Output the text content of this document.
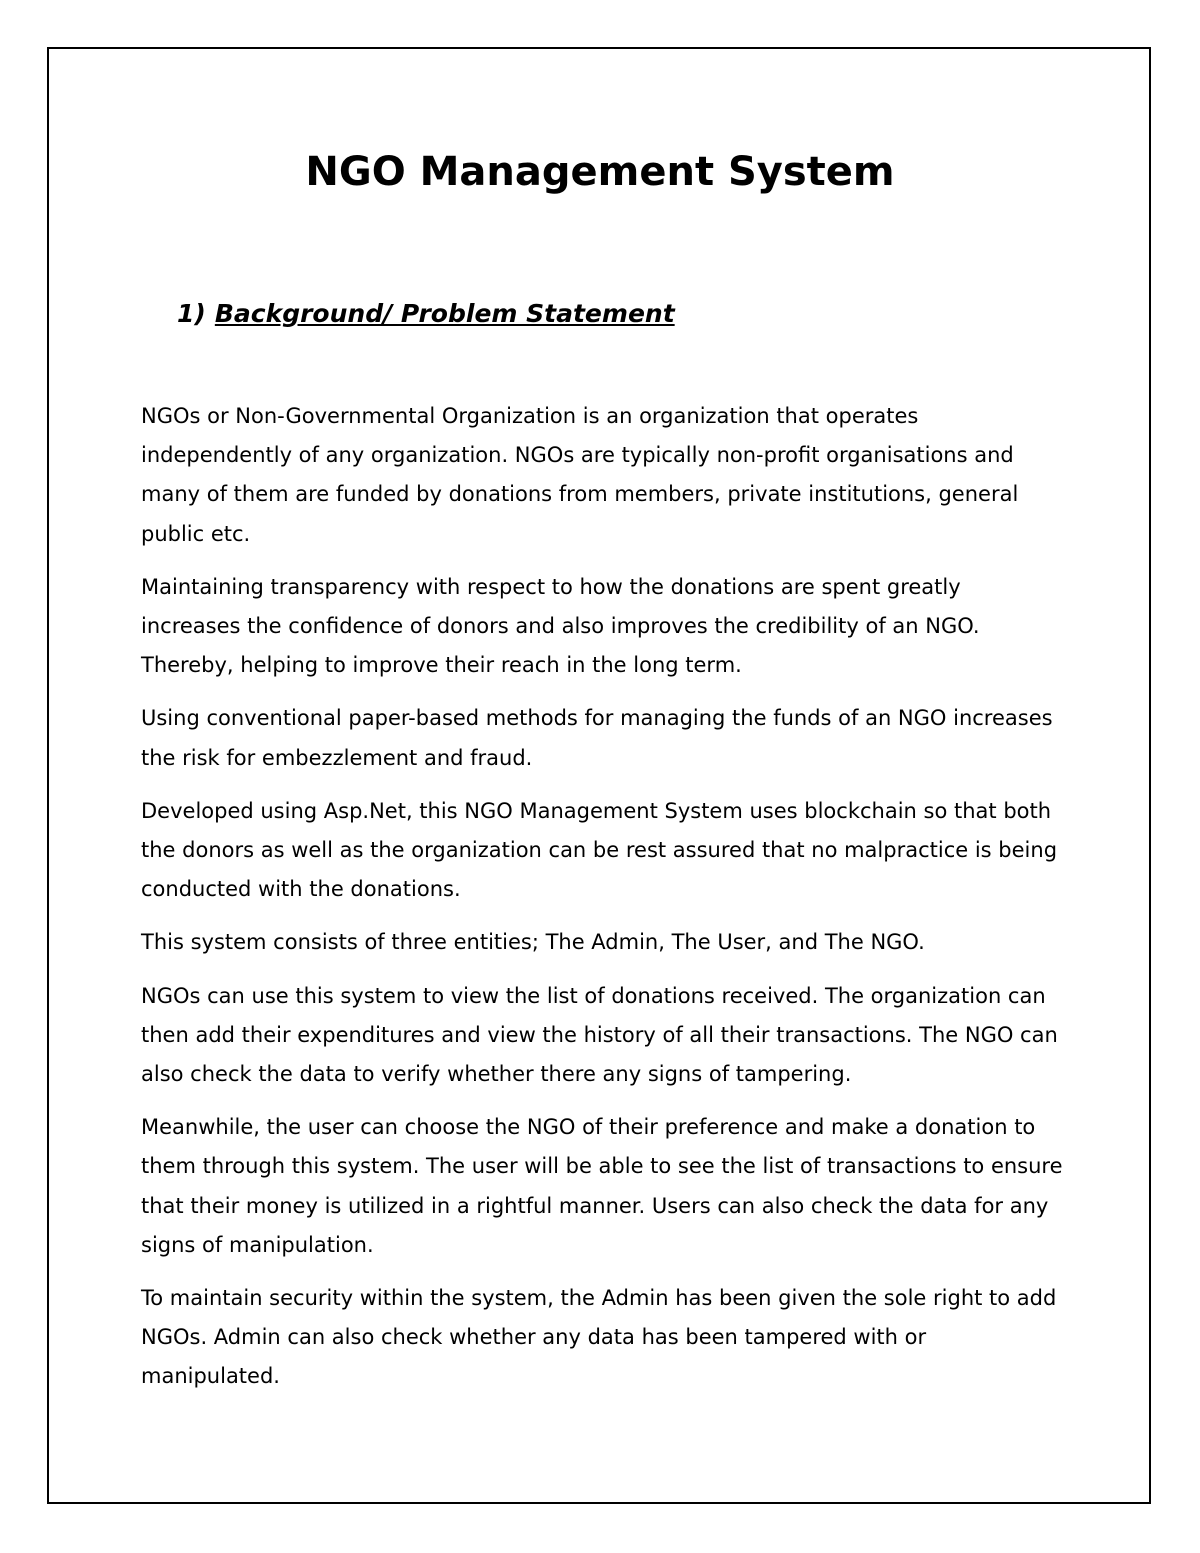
NGO Management System
1) Background/ Problem Statement

NGOs or Non-Governmental Organization is an organization that operates independently of any organization. NGOs are typically non-profit organisations and many of them are funded by donations from members, private institutions, general public etc.

Maintaining transparency with respect to how the donations are spent greatly increases the confidence of donors and also improves the credibility of an NGO. Thereby, helping to improve their reach in the long term.

Using conventional paper-based methods for managing the funds of an NGO increases the risk for embezzlement and fraud.

Developed using Asp.Net, this NGO Management System uses blockchain so that both the donors as well as the organization can be rest assured that no malpractice is being conducted with the donations.

This system consists of three entities; The Admin, The User, and The NGO.

NGOs can use this system to view the list of donations received. The organization can then add their expenditures and view the history of all their transactions. The NGO can also check the data to verify whether there any signs of tampering.

Meanwhile, the user can choose the NGO of their preference and make a donation to them through this system. The user will be able to see the list of transactions to ensure that their money is utilized in a rightful manner. Users can also check the data for any signs of manipulation.

To maintain security within the system, the Admin has been given the sole right to add NGOs. Admin can also check whether any data has been tampered with or manipulated.
